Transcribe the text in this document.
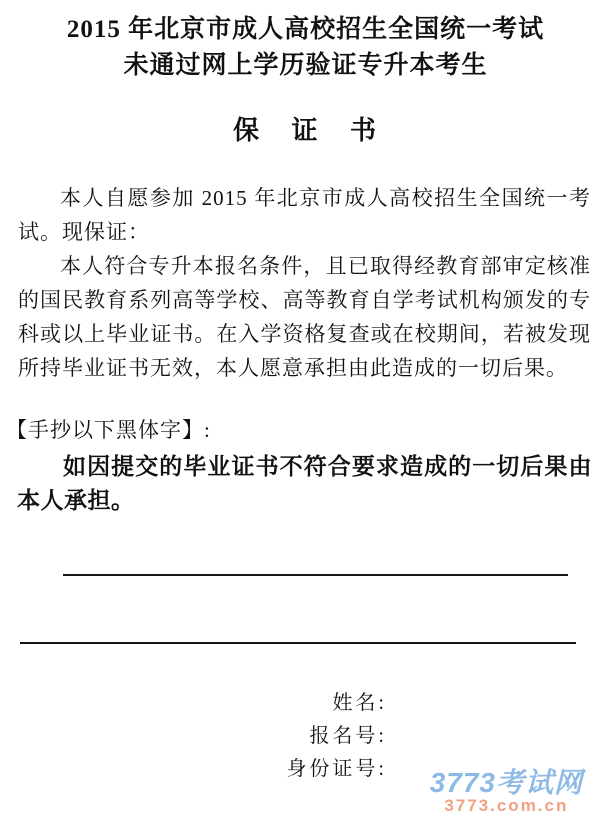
2015 年北京市成人高校招生全国统一考试
未通过网上学历验证专升本考生
保 证 书

本人自愿参加 2015 年北京市成人高校招生全国统一考试。现保证：

本人符合专升本报名条件，且已取得经教育部审定核准的国民教育系列高等学校、高等教育自学考试机构颁发的专科或以上毕业证书。在入学资格复查或在校期间，若被发现所持毕业证书无效，本人愿意承担由此造成的一切后果。

【手抄以下黑体字】:
如因提交的毕业证书不符合要求造成的一切后果由本人承担。
姓名:
报名号:
身份证号: 3773考试网
3773.com.cn
